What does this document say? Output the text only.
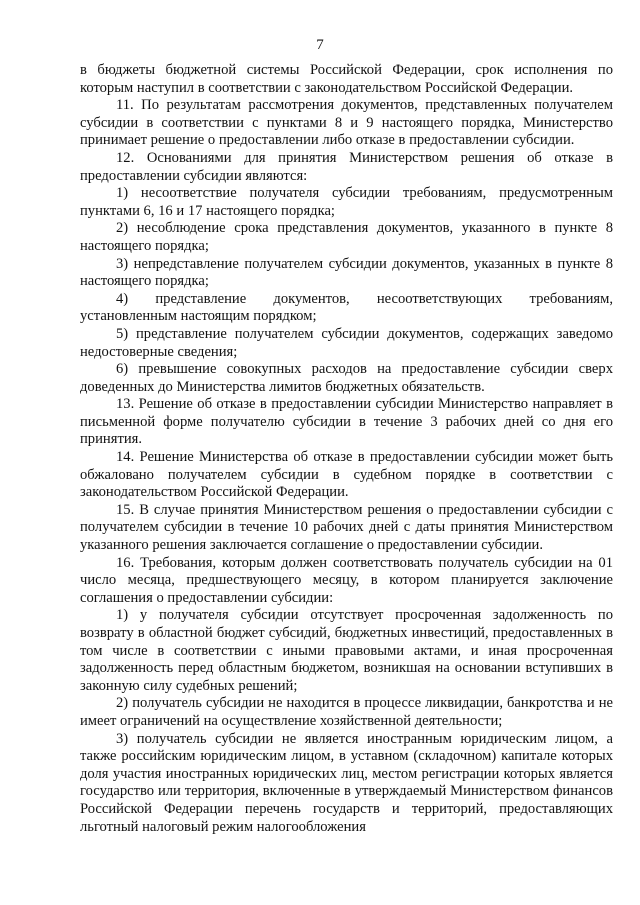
7

в бюджеты бюджетной системы Российской Федерации, срок исполнения по которым наступил в соответствии с законодательством Российской Федерации.

11. По результатам рассмотрения документов, представленных получателем субсидии в соответствии с пунктами 8 и 9 настоящего порядка, Министерство принимает решение о предоставлении либо отказе в предоставлении субсидии.

12. Основаниями для принятия Министерством решения об отказе в предоставлении субсидии являются:

1) несоответствие получателя субсидии требованиям, предусмотренным пунктами 6, 16 и 17 настоящего порядка;

2) несоблюдение срока представления документов, указанного в пункте 8 настоящего порядка;

3) непредставление получателем субсидии документов, указанных в пункте 8 настоящего порядка;

4) представление документов, несоответствующих требованиям, установленным настоящим порядком;

5) представление получателем субсидии документов, содержащих заведомо недостоверные сведения;

6) превышение совокупных расходов на предоставление субсидии сверх доведенных до Министерства лимитов бюджетных обязательств.

13. Решение об отказе в предоставлении субсидии Министерство направляет в письменной форме получателю субсидии в течение 3 рабочих дней со дня его принятия.

14. Решение Министерства об отказе в предоставлении субсидии может быть обжаловано получателем субсидии в судебном порядке в соответствии с законодательством Российской Федерации.

15. В случае принятия Министерством решения о предоставлении субсидии с получателем субсидии в течение 10 рабочих дней с даты принятия Министерством указанного решения заключается соглашение о предоставлении субсидии.

16. Требования, которым должен соответствовать получатель субсидии на 01 число месяца, предшествующего месяцу, в котором планируется заключение соглашения о предоставлении субсидии:

1) у получателя субсидии отсутствует просроченная задолженность по возврату в областной бюджет субсидий, бюджетных инвестиций, предоставленных в том числе в соответствии с иными правовыми актами, и иная просроченная задолженность перед областным бюджетом, возникшая на основании вступивших в законную силу судебных решений;

2) получатель субсидии не находится в процессе ликвидации, банкротства и не имеет ограничений на осуществление хозяйственной деятельности;

3) получатель субсидии не является иностранным юридическим лицом, а также российским юридическим лицом, в уставном (складочном) капитале которых доля участия иностранных юридических лиц, местом регистрации которых является государство или территория, включенные в утверждаемый Министерством финансов Российской Федерации перечень государств и территорий, предоставляющих льготный налоговый режим налогообложения
